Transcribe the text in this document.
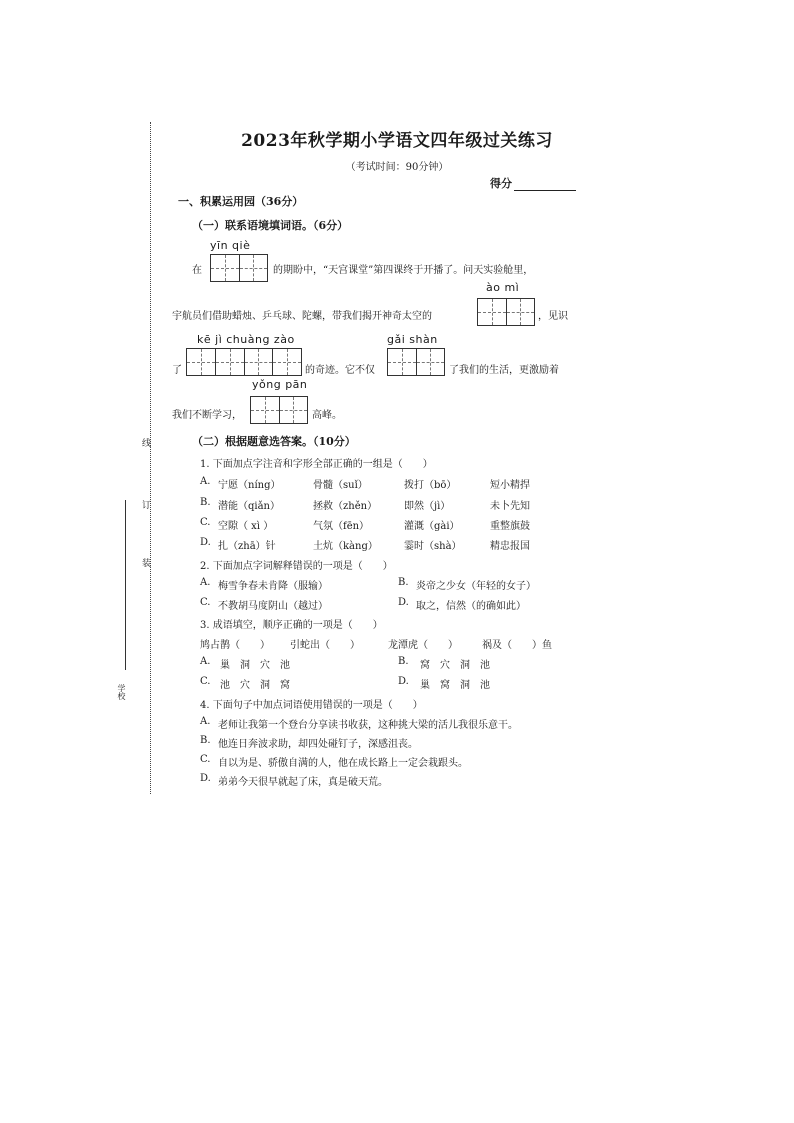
线
订
装
学校
2023年秋学期小学语文四年级过关练习
（考试时间：90分钟）
得分
一、积累运用园（36分）
（一）联系语境填词语。（6分）
yīn qiè
在	的期盼中，“天宫课堂”第四课终于开播了。问天实验舱里，
ào mì
宇航员们借助蜡烛、乒乓球、陀螺，带我们揭开神奇太空的	，见识
kē jì chuàng zào	gǎi shàn
了	的奇迹。它不仅	了我们的生活，更激励着
yǒng pān
我们不断学习，	高峰。
（二）根据题意选答案。（10分）
1. 下面加点字注音和字形全部正确的一组是（　　）
A. 宁愿（níng）	骨髓（suǐ）	拨打（bō）	短小精捍
B. 潜能（qiǎn）	拯救（zhěn）	即然（jì）	未卜先知
C. 空隙（ xì ）	气氛（fēn）	灌溉（gài）	重整旗鼓
D. 扎（zhā）针	土炕（kàng）	霎时（shà）	精忠报国
2. 下面加点字词解释错误的一项是（　　）
A. 梅雪争春未肯降（服输）	B. 炎帝之少女（年轻的女子）
C. 不教胡马度阴山（越过）	D. 取之，信然（的确如此）
3. 成语填空，顺序正确的一项是（　　）
鸠占鹊（　　） 引蛇出（　　）	龙潭虎（　　） 祸及（　　）鱼
A. 巢　洞　穴　池	B. 窝　穴　洞　池
C. 池　穴　洞　窝	D. 巢　窝　洞　池
4. 下面句子中加点词语使用错误的一项是（　　）
A. 老师让我第一个登台分享读书收获，这种挑大梁的活儿我很乐意干。
B. 他连日奔波求助，却四处碰钉子，深感沮丧。
C. 自以为是、骄傲自满的人，他在成长路上一定会栽跟头。
D. 弟弟今天很早就起了床，真是破天荒。
